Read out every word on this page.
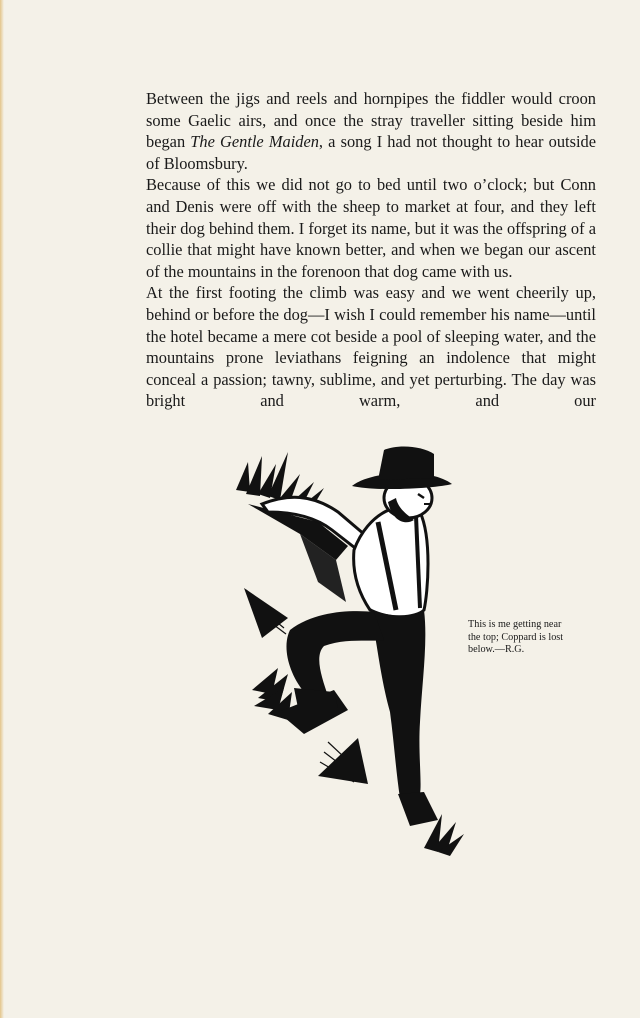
Between the jigs and reels and hornpipes the fiddler would croon some Gaelic airs, and once the stray traveller sitting beside him began The Gentle Maiden, a song I had not thought to hear outside of Bloomsbury.

Because of this we did not go to bed until two o’clock; but Conn and Denis were off with the sheep to market at four, and they left their dog behind them. I forget its name, but it was the offspring of a collie that might have known better, and when we began our ascent of the mountains in the forenoon that dog came with us.

At the first footing the climb was easy and we went cheerily up, behind or before the dog—I wish I could remember his name—until the hotel became a mere cot beside a pool of sleeping water, and the mountains prone leviathans feigning an indolence that might conceal a passion; tawny, sublime, and yet perturbing. The day was bright and warm, and our

This is me getting near
the top; Coppard is lost
below.—R.G.
